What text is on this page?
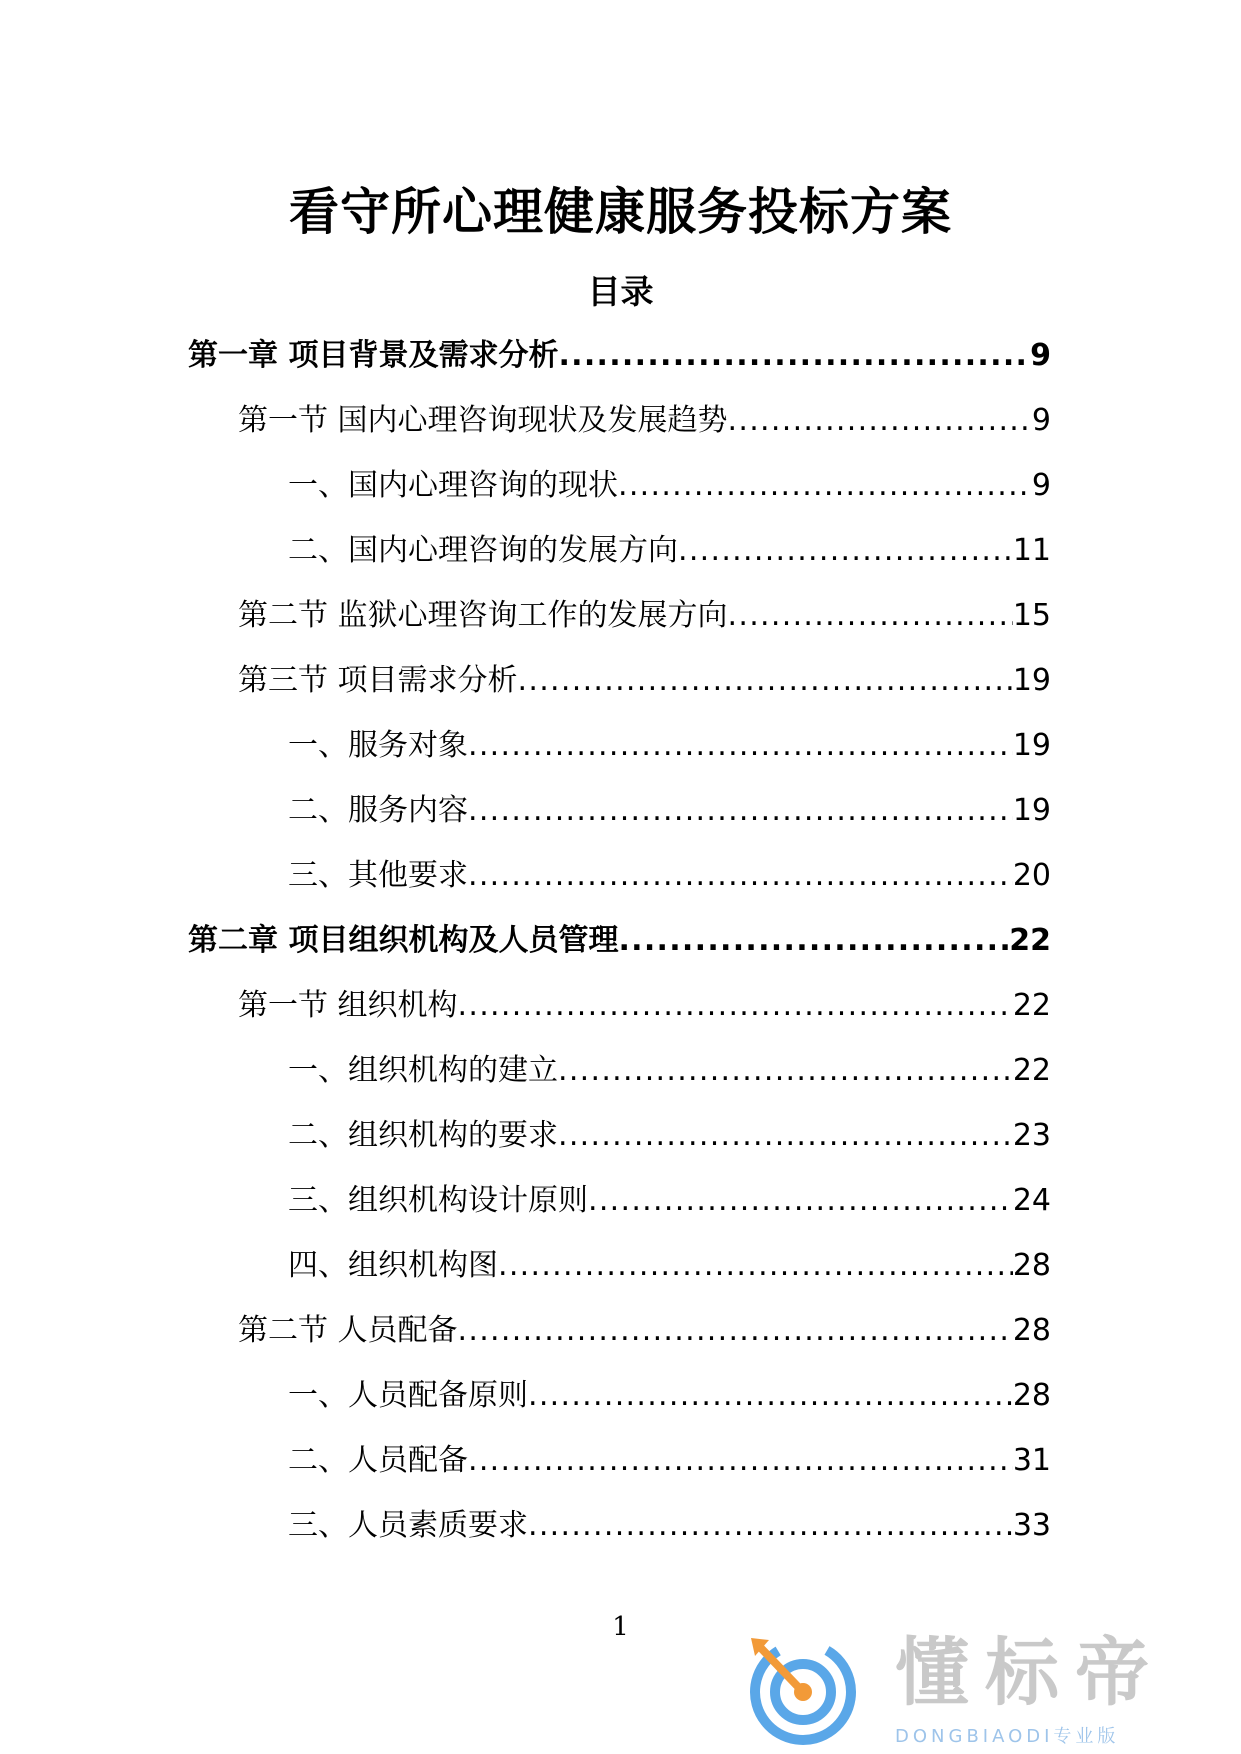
看守所心理健康服务投标方案
目录
第一章 项目背景及需求分析 .....	9
第一节 国内心理咨询现状及发展趋势 .....	9
一、国内心理咨询的现状 .....	9
二、国内心理咨询的发展方向 .....	11
第二节 监狱心理咨询工作的发展方向 .....	15
第三节 项目需求分析 .....	19
一、服务对象 .....	19
二、服务内容 .....	19
三、其他要求 .....	20
第二章 项目组织机构及人员管理 .....	22
第一节 组织机构 .....	22
一、组织机构的建立 .....	22
二、组织机构的要求 .....	23
三、组织机构设计原则 .....	24
四、组织机构图 .....	28
第二节 人员配备 .....	28
一、人员配备原则 .....	28
二、人员配备 .....	31
三、人员素质要求 .....	33
1
懂标帝
DONGBIAODI专业版
